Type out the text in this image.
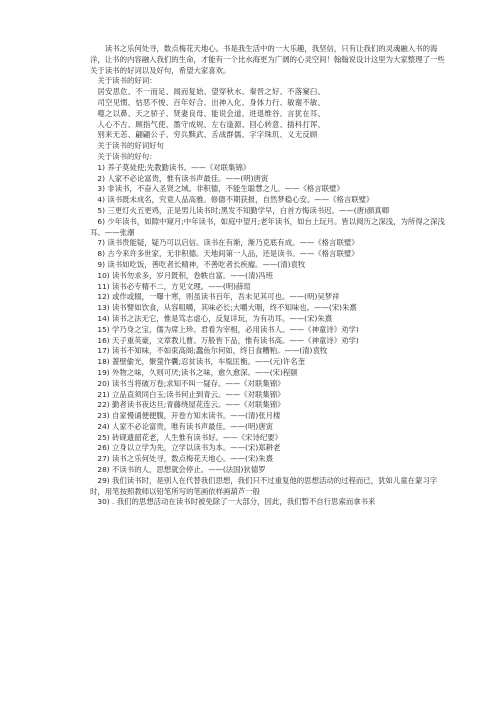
读书之乐何处寻，数点梅花天地心。书是我生活中的一大乐趣，我坚信，只有让我们的灵魂融入书的海洋，让书的内容融入我们的生命，才能有一个比水海更为广阔的心灵空间！翰翰说设计这里为大家整理了一些关于读书的好词以及好句，希望大家喜欢。

关于读书的好词：

居安思危、不一而足、闻而复始、望穿秋水、秦晋之好、不落窠臼、

司空见惯、怙恶不悛、百年好合、出神入化、身体力行、敏谢不敏、

噬之以鼻、天之骄子、贤妻良母、能说会道、进退维谷、言犹在耳、

人心不古、顾指气使、墨守成规、左右逢源、回心转意、插科打诨、

别来无恙、翩翩公子、穷兵黩武、舌战群儒、字字珠玑、义无反顾

关于读书的好词好句

关于读书的好句：

1) 养子莫徒使;先教勤读书。——《对联集锦》

2) 人家不必论富贵，惟有读书声最佳。——(明)唐寅

3) 非读书，不奋入圣贤之域。非积德，不能生聪慧之儿。——《格言联璧》

4) 读书既未成名，究竟人品高雅。修德不期获报，自然梦稳心安。——《格言联璧》

5) 三更灯火五更鸡，正是男儿读书时;黑发不知勤学早，白首方悔读书迟。——(唐)颜真卿

6) 少年读书，如隙中窥月;中年读书，如庭中望月;老年读书，如台上玩月。皆以阅历之深浅，为所得之深浅耳。——张潮

7) 读书贵能疑，疑乃可以启信。读书在有渐，渐乃克底有成。——《格言联璧》

8) 古今来许多世家，无非积德。天地间第一人品，还是读书。——《格言联璧》

9) 读书如吃饭，善吃者长精神，不善吃者长疾瘤。——(清)袁牧

10) 读书勿求多，岁月既积，卷帙自富。——(清)冯班

11) 读书必专精不二，方见文理。——(明)薛瑄

12) 或作或辍，一曝十寒，则虽读书百年，吾未见其可也。——(明)吴梦祥

13) 读书譬如饮食，从容咀嚼，其味必长;大嚼大咽，终不知味也。——(宋)朱熹

14) 读书之法无它，惟是笃志虚心，反复详玩，为有功耳。——(宋)朱熹

15) 学乃身之宝，儒为席上珍。君看为宰相，必用读书人。——《神童诗》劝学)

16) 天子重英豪，文章教儿曹。万般皆下品，惟有读书高。——《神童诗》劝学)

17) 读书不知味，不如束高阁;蠢鱼尔何如，终日食糟粕。——(清)袁牧

18) 蔷壁偷光，聚萤作囊;忍贫读书，车胤匡衡。——(元)许名奎

19) 外物之味，久则可厌;读书之味，愈久愈深。——(宋)程颐

20) 读书当将破万卷;求知不叫一疑存。——《对联集锦》

21) 立品直须同白玉;读书何止到青云。——《对联集锦》

22) 勤者读书夜达旦;青藤绕屋花连云。——《对联集锦》

23) 自家慢诵便便腹，开卷方知未读书。——(清)张月楼

24) 人家不必论富贵，唯有读书声最佳。——(明)唐寅

25) 砖砚遗韶花老，人生惟有读书好。——《宋诗纪要》

26) 立身以立学为先，立学以读书为本。——(宋)郑耕老

27) 读书之乐何处寻，数点梅花天地心。——(宋)朱熹

28) 不读书的人，思想就会停止。——(法国)狄德罗

29) 我们读书时，是别人在代替我们思想，我们只不过重复他的思想活动的过程而已，犹如儿童在蒙习字时，用笔按照教师以铅笔所写的笔画依样画葫芦一般

30) . 我们的思想活动在读书时被免除了一大部分，因此，我们暂不自行思索而拿书来
